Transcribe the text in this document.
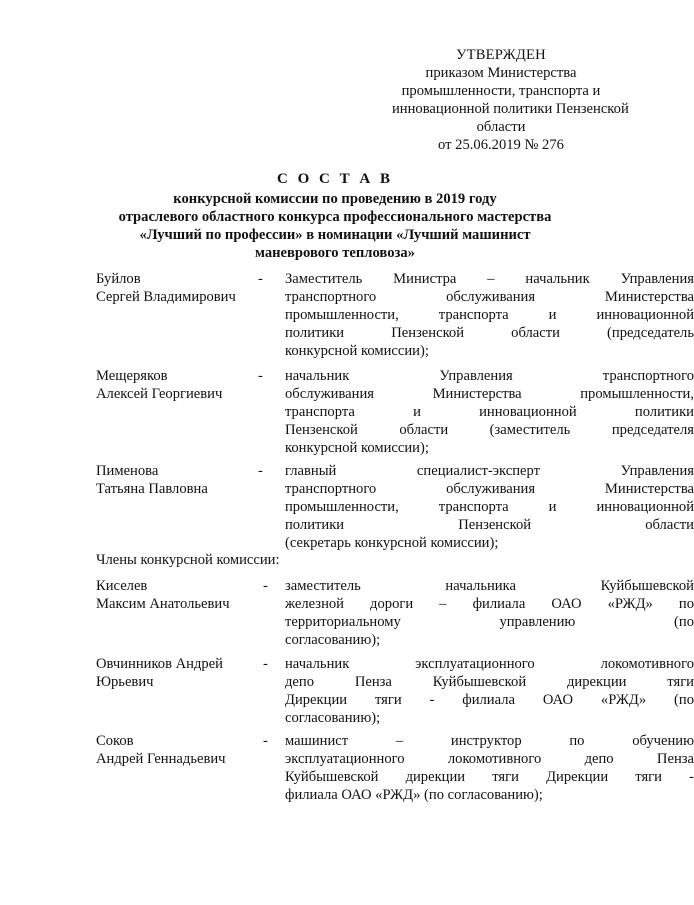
УТВЕРЖДЕН
приказом Министерства
промышленности, транспорта и
инновационной политики Пензенской
области
от 25.06.2019 № 276
С О С Т А В
конкурсной комиссии по проведению в 2019 году
отраслевого областного конкурса профессионального мастерства
«Лучший по профессии» в номинации «Лучший машинист
маневрового тепловоза»
Буйлов
Сергей Владимирович
- Заместитель Министра – начальник Управления
транспортного обслуживания Министерства
промышленности, транспорта и инновационной
политики Пензенской области (председатель
конкурсной комиссии);
Мещеряков
Алексей Георгиевич
- начальник Управления транспортного
обслуживания Министерства промышленности,
транспорта и инновационной политики
Пензенской области (заместитель председателя
конкурсной комиссии);
Пименова
Татьяна Павловна
- главный специалист-эксперт Управления
транспортного обслуживания Министерства
промышленности, транспорта и инновационной
политики Пензенской области
(секретарь конкурсной комиссии);
Члены конкурсной комиссии:
Киселев
Максим Анатольевич
- заместитель начальника Куйбышевской
железной дороги – филиала ОАО «РЖД» по
территориальному управлению (по
согласованию);
Овчинников Андрей
Юрьевич
- начальник эксплуатационного локомотивного
депо Пенза Куйбышевской дирекции тяги
Дирекции тяги - филиала ОАО «РЖД» (по
согласованию);
Соков
Андрей Геннадьевич
- машинист – инструктор по обучению
эксплуатационного локомотивного депо Пенза
Куйбышевской дирекции тяги Дирекции тяги -
филиала ОАО «РЖД» (по согласованию);
